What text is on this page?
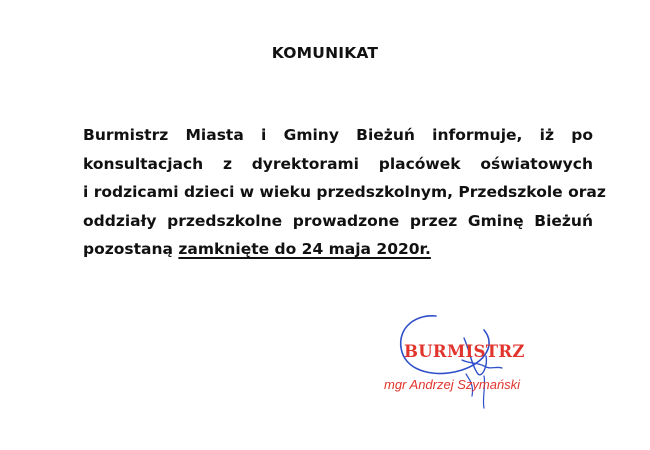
KOMUNIKAT
Burmistrz Miasta i Gminy Bieżuń informuje, iż po
konsultacjach z dyrektorami placówek oświatowych
i rodzicami dzieci w wieku przedszkolnym, Przedszkole oraz
oddziały przedszkolne prowadzone przez Gminę Bieżuń
pozostaną zamknięte do 24 maja 2020r.
BURMISTRZ
mgr Andrzej Szymański
